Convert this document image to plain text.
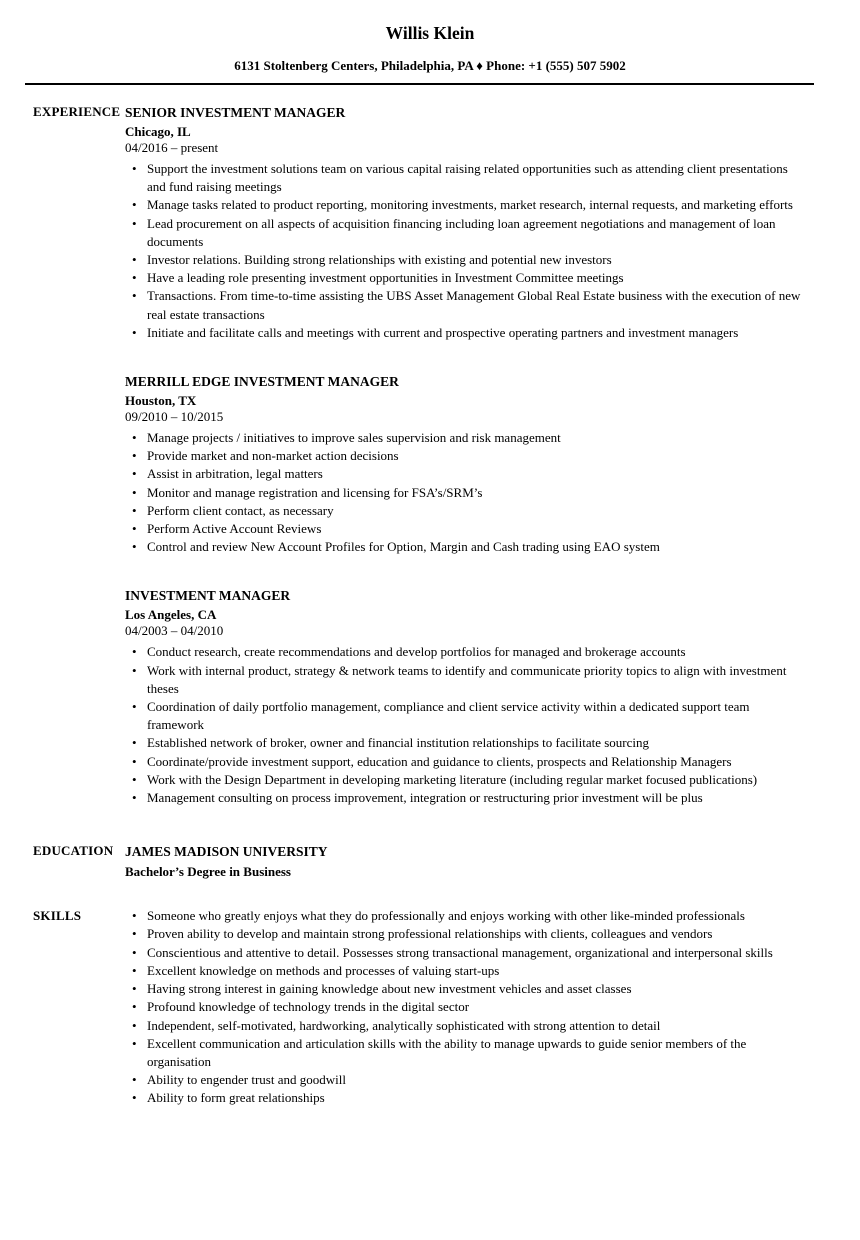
Willis Klein
6131 Stoltenberg Centers, Philadelphia, PA ♦ Phone: +1 (555) 507 5902
EXPERIENCE SENIOR INVESTMENT MANAGER
Chicago, IL
04/2016 – present
• Support the investment solutions team on various capital raising related opportunities such as attending client presentations and fund raising meetings
• Manage tasks related to product reporting, monitoring investments, market research, internal requests, and marketing efforts
• Lead procurement on all aspects of acquisition financing including loan agreement negotiations and management of loan documents
• Investor relations. Building strong relationships with existing and potential new investors
• Have a leading role presenting investment opportunities in Investment Committee meetings
• Transactions. From time-to-time assisting the UBS Asset Management Global Real Estate business with the execution of new real estate transactions
• Initiate and facilitate calls and meetings with current and prospective operating partners and investment managers
MERRILL EDGE INVESTMENT MANAGER
Houston, TX
09/2010 – 10/2015
• Manage projects / initiatives to improve sales supervision and risk management
• Provide market and non-market action decisions
• Assist in arbitration, legal matters
• Monitor and manage registration and licensing for FSA’s/SRM’s
• Perform client contact, as necessary
• Perform Active Account Reviews
• Control and review New Account Profiles for Option, Margin and Cash trading using EAO system
INVESTMENT MANAGER
Los Angeles, CA
04/2003 – 04/2010
• Conduct research, create recommendations and develop portfolios for managed and brokerage accounts
• Work with internal product, strategy & network teams to identify and communicate priority topics to align with investment theses
• Coordination of daily portfolio management, compliance and client service activity within a dedicated support team framework
• Established network of broker, owner and financial institution relationships to facilitate sourcing
• Coordinate/provide investment support, education and guidance to clients, prospects and Relationship Managers
• Work with the Design Department in developing marketing literature (including regular market focused publications)
• Management consulting on process improvement, integration or restructuring prior investment will be plus
EDUCATION JAMES MADISON UNIVERSITY
Bachelor’s Degree in Business
SKILLS	• Someone who greatly enjoys what they do professionally and enjoys working with other like-minded professionals
• Proven ability to develop and maintain strong professional relationships with clients, colleagues and vendors
• Conscientious and attentive to detail. Possesses strong transactional management, organizational and interpersonal skills
• Excellent knowledge on methods and processes of valuing start-ups
• Having strong interest in gaining knowledge about new investment vehicles and asset classes
• Profound knowledge of technology trends in the digital sector
• Independent, self-motivated, hardworking, analytically sophisticated with strong attention to detail
• Excellent communication and articulation skills with the ability to manage upwards to guide senior members of the organisation
• Ability to engender trust and goodwill
• Ability to form great relationships
